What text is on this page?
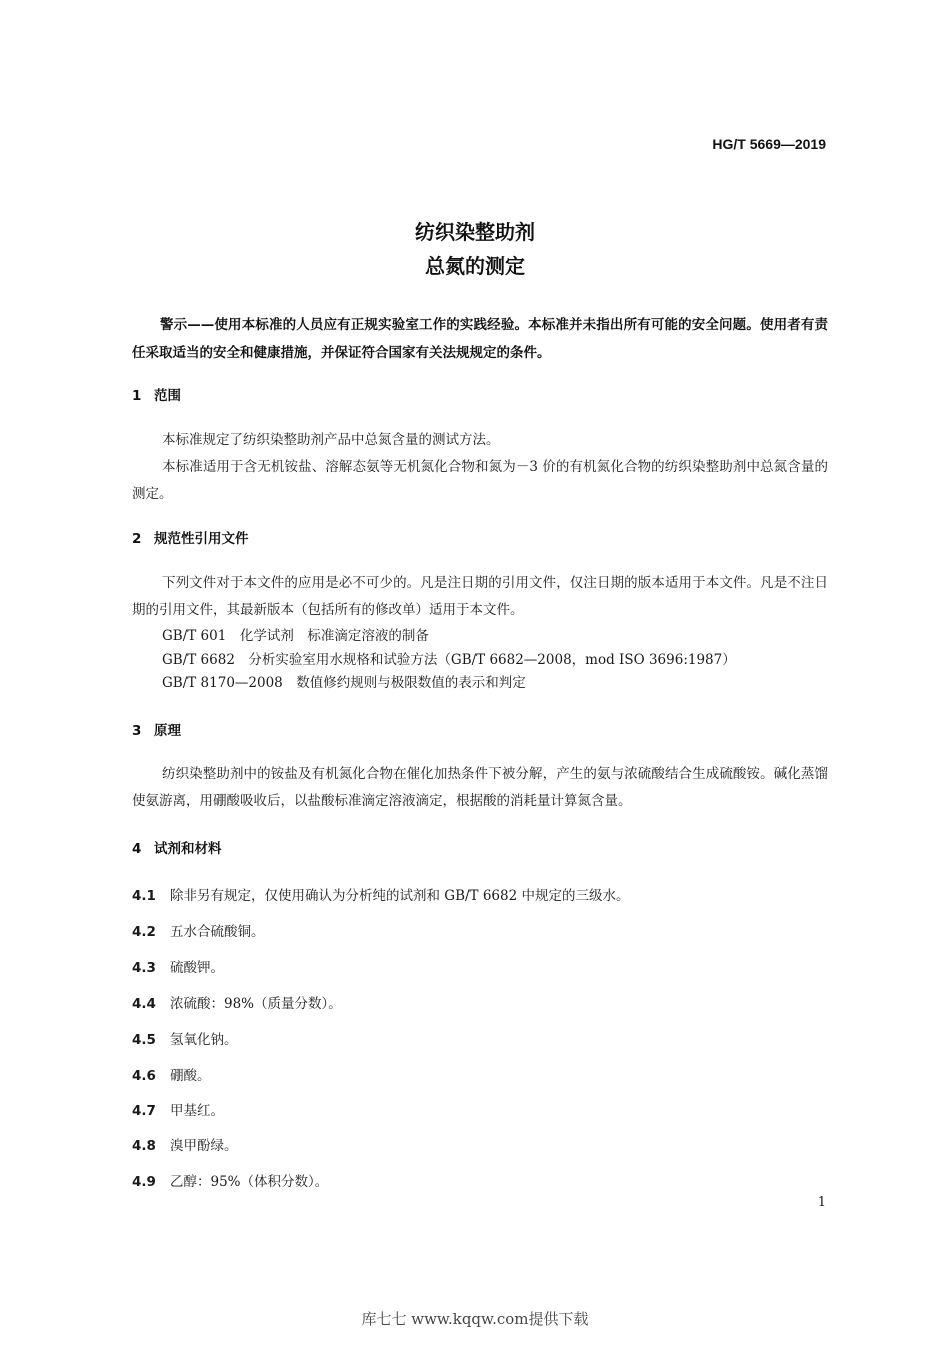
HG/T 5669—2019
纺织染整助剂
总氮的测定
警示——使用本标准的人员应有正规实验室工作的实践经验。本标准并未指出所有可能的安全问题。使用者有责任采取适当的安全和健康措施，并保证符合国家有关法规规定的条件。
1 范围
本标准规定了纺织染整助剂产品中总氮含量的测试方法。
本标准适用于含无机铵盐、溶解态氨等无机氮化合物和氮为－3 价的有机氮化合物的纺织染整助剂中总氮含量的测定。
2 规范性引用文件
下列文件对于本文件的应用是必不可少的。凡是注日期的引用文件，仅注日期的版本适用于本文件。凡是不注日期的引用文件，其最新版本（包括所有的修改单）适用于本文件。
GB/T 601　化学试剂　标准滴定溶液的制备
GB/T 6682　分析实验室用水规格和试验方法（GB/T 6682—2008，mod ISO 3696:1987）
GB/T 8170—2008　数值修约规则与极限数值的表示和判定
3 原理
纺织染整助剂中的铵盐及有机氮化合物在催化加热条件下被分解，产生的氨与浓硫酸结合生成硫酸铵。碱化蒸馏使氨游离，用硼酸吸收后，以盐酸标准滴定溶液滴定，根据酸的消耗量计算氮含量。
4 试剂和材料
4.1 除非另有规定，仅使用确认为分析纯的试剂和 GB/T 6682 中规定的三级水。
4.2 五水合硫酸铜。
4.3 硫酸钾。
4.4 浓硫酸：98%（质量分数）。
4.5 氢氧化钠。
4.6 硼酸。
4.7 甲基红。
4.8 溴甲酚绿。
4.9 乙醇：95%（体积分数）。
1
库七七 www.kqqw.com提供下载
